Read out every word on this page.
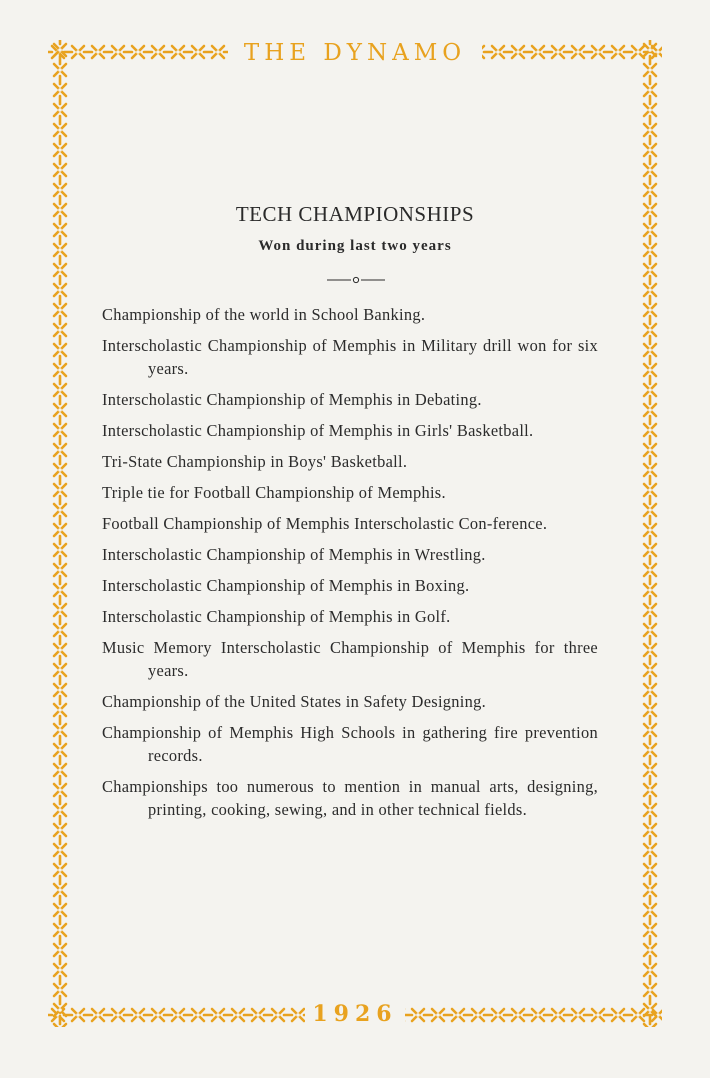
THE DYNAMO
1926
TECH CHAMPIONSHIPS
Won during last two years
Championship of the world in School Banking.
Interscholastic Championship of Memphis in Military drill won for six years.
Interscholastic Championship of Memphis in Debating.
Interscholastic Championship of Memphis in Girls' Basketball.
Tri-State Championship in Boys' Basketball.
Triple tie for Football Championship of Memphis.
Football Championship of Memphis Interscholastic Con-ference.
Interscholastic Championship of Memphis in Wrestling.
Interscholastic Championship of Memphis in Boxing.
Interscholastic Championship of Memphis in Golf.
Music Memory Interscholastic Championship of Memphis for three years.
Championship of the United States in Safety Designing.
Championship of Memphis High Schools in gathering fire prevention records.
Championships too numerous to mention in manual arts, designing, printing, cooking, sewing, and in other technical fields.
